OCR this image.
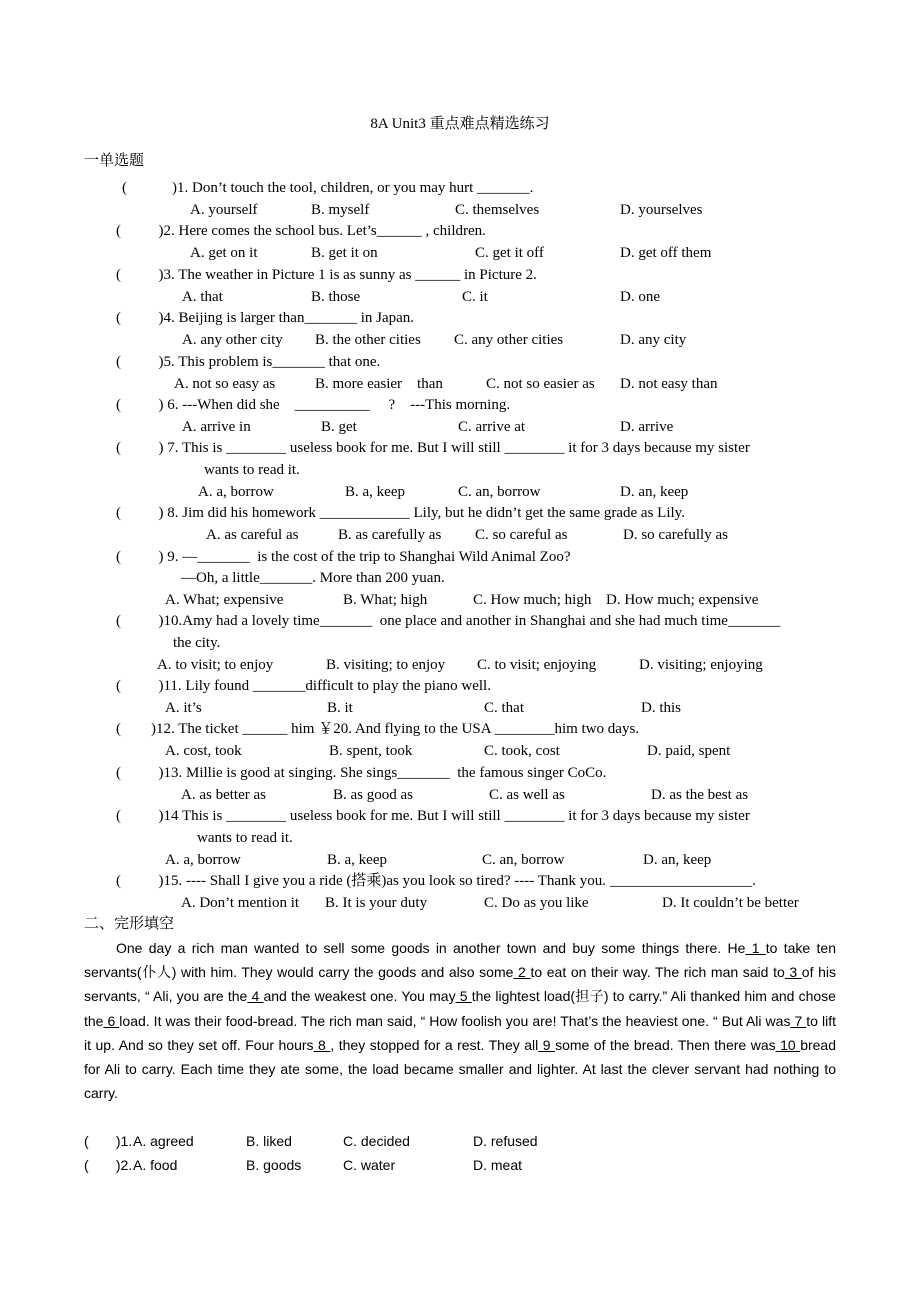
8A Unit3 重点难点精选练习
一单选题
(            )1. Don’t touch the tool, children, or you may hurt _______.

A. yourself

	B. myself

	C. themselves

	D. yourselves

(          )2. Here comes the school bus. Let’s______ , children.

A. get on it

	B. get it on

	C. get it off

	D. get off them

(          )3. The weather in Picture 1 is as sunny as ______ in Picture 2.

A. that

	B. those

	C. it

	D. one

(          )4. Beijing is larger than_______ in Japan.

A. any other city

B. the other cities

C. any other cities

	D. any city

(          )5. This problem is_______ that one.

A. not so easy as

	B. more easier    than

	C. not so easier as

D. not easy than

(          ) 6. ---When did she    __________     ?    ---This morning.

A. arrive in

	B. get

	C. arrive at

	D. arrive

(          ) 7. This is ________ useless book for me. But I will still ________ it for 3 days because my sister
wants to read it.

A. a, borrow

	B. a, keep

	C. an, borrow

	D. an, keep

(          ) 8. Jim did his homework ____________ Lily, but he didn’t get the same grade as Lily.

A. as careful as

	B. as carefully as

C. so careful as

	D. so carefully as

(          ) 9. —_______  is the cost of the trip to Shanghai Wild Animal Zoo?
—Oh, a little_______. More than 200 yuan.

A. What; expensive

	B. What; high

	C. How much; high

D. How much; expensive

(          )10.Amy had a lovely time_______  one place and another in Shanghai and she had much time_______
the city.

A. to visit; to enjoy

	B. visiting; to enjoy

C. to visit; enjoying

	D. visiting; enjoying

(          )11. Lily found _______difficult to play the piano well.

A. it’s

	B. it

	C. that

	D. this

(        )12. The ticket ______ him ￥20. And flying to the USA ________him two days.

A. cost, took

	B. spent, took

	C. took, cost

	D. paid, spent

(          )13. Millie is good at singing. She sings_______  the famous singer CoCo.

A. as better as

	B. as good as

	C. as well as

	D. as the best as

(          )14 This is ________ useless book for me. But I will still ________ it for 3 days because my sister
wants to read it.

A. a, borrow

	B. a, keep

	C. an, borrow

	D. an, keep

(          )15. ---- Shall I give you a ride (搭乘)as you look so tired? ---- Thank you. ___________________.

A. Don’t mention it

B. It is your duty

	C. Do as you like

	D. It couldn’t be better

二、完形填空
One day a rich man wanted to sell some goods in another town and buy some things there. He 1 to take ten servants(仆人) with him. They would carry the goods and also some 2 to eat on their way. The rich man said to 3 of his servants, “ Ali, you are the 4 and the weakest one. You may 5 the lightest load(担子) to carry.” Ali thanked him and chose the 6 load. It was their food-bread. The rich man said, “ How foolish you are! That’s the heaviest one. “ But Ali was 7 to lift it up. And so they set off. Four hours 8 , they stopped for a rest. They all 9 some of the bread. Then there was 10 bread for Ali to carry. Each time they ate some, the load became smaller and lighter. At last the clever servant had nothing to carry.

(       )1.

A. agreed

	B. liked

	C. decided

	D. refused

(       )2.

A. food

	B. goods

	C. water

	D. meat
